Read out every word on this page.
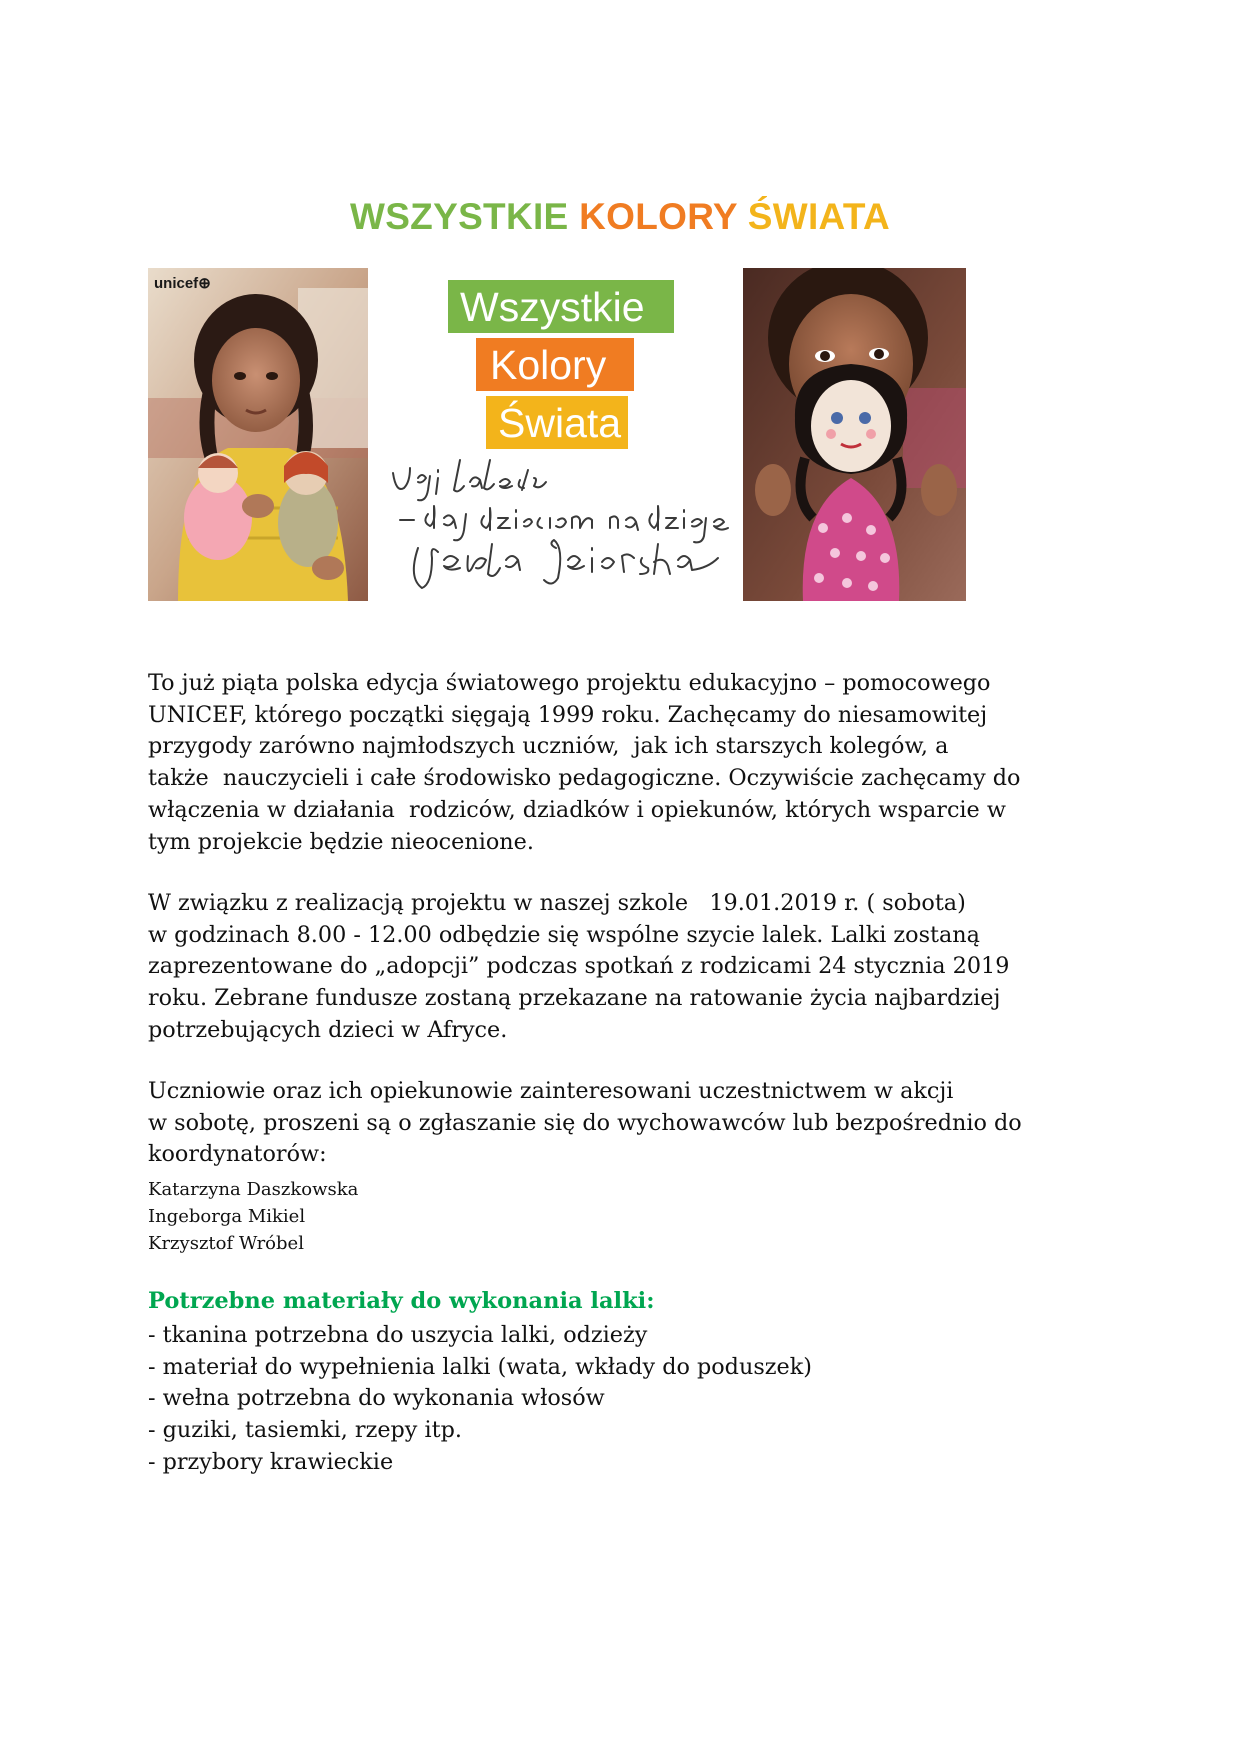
WSZYSTKIE KOLORY ŚWIATA
unicef⊕
Wszystkie
Kolory
Świata

To już piąta polska edycja światowego projektu edukacyjno – pomocowego
UNICEF, którego początki sięgają 1999 roku. Zachęcamy do niesamowitej
przygody zarówno najmłodszych uczniów,  jak ich starszych kolegów, a
także  nauczycieli i całe środowisko pedagogiczne. Oczywiście zachęcamy do
włączenia w działania  rodziców, dziadków i opiekunów, których wsparcie w
tym projekcie będzie nieocenione.

W związku z realizacją projektu w naszej szkole   19.01.2019 r. ( sobota)
w godzinach 8.00 - 12.00 odbędzie się wspólne szycie lalek. Lalki zostaną
zaprezentowane do „adopcji” podczas spotkań z rodzicami 24 stycznia 2019
roku. Zebrane fundusze zostaną przekazane na ratowanie życia najbardziej
potrzebujących dzieci w Afryce.

Uczniowie oraz ich opiekunowie zainteresowani uczestnictwem w akcji
w sobotę, proszeni są o zgłaszanie się do wychowawców lub bezpośrednio do
koordynatorów:

Katarzyna Daszkowska
Ingeborga Mikiel
Krzysztof Wróbel
Potrzebne materiały do wykonania lalki:
- tkanina potrzebna do uszycia lalki, odzieży
- materiał do wypełnienia lalki (wata, wkłady do poduszek)
- wełna potrzebna do wykonania włosów
- guziki, tasiemki, rzepy itp.
- przybory krawieckie
